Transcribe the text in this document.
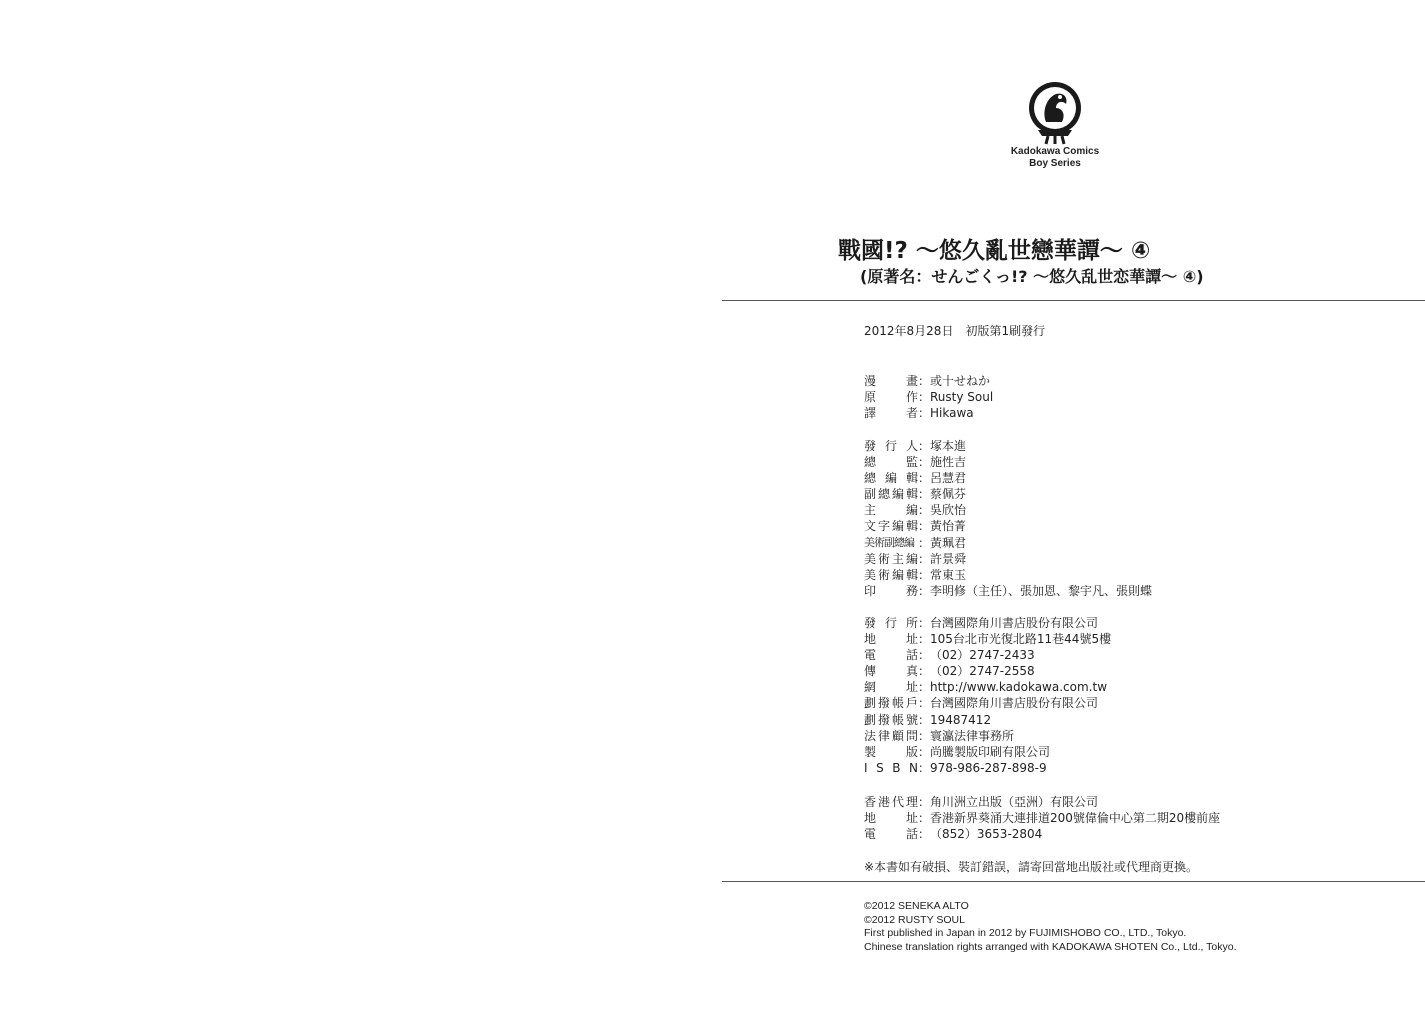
Kadokawa Comics
Boy Series
戰國!? ～悠久亂世戀華譚～ ④
(原著名：せんごくっ!? ～悠久乱世恋華譚～ ④)
2012年8月28日　初版第1刷發行
漫 畫 ： 或十せねか
原 作 ： Rusty Soul
譯 者 ： Hikawa
發 行 人 ： 塚本進
總 監 ： 施性吉
總 編 輯 ： 呂慧君
副 總 編 輯 ： 蔡佩芬
主 編 ： 吳欣怡
文 字 編 輯 ： 黃怡菁
美術副總編 ： 黃珮君
美 術 主 編 ： 許景舜
美 術 編 輯 ： 常東玉
印 務 ： 李明修（主任）、張加恩、黎宇凡、張則蝶
發 行 所 ： 台灣國際角川書店股份有限公司
地 址 ： 105台北市光復北路11巷44號5樓
電 話 ： （02）2747-2433
傳 真 ： （02）2747-2558
網 址 ： http://www.kadokawa.com.tw
劃 撥 帳 戶 ： 台灣國際角川書店股份有限公司
劃 撥 帳 號 ： 19487412
法 律 顧 問 ： 寰瀛法律事務所
製 版 ： 尚騰製版印刷有限公司
I S B N ： 978-986-287-898-9
香 港 代 理 ： 角川洲立出版（亞洲）有限公司
地 址 ： 香港新界葵涌大連排道200號偉倫中心第二期20樓前座
電 話 ： （852）3653-2804
※本書如有破損、裝訂錯誤，請寄回當地出版社或代理商更換。
©2012 SENEKA ALTO
©2012 RUSTY SOUL
First published in Japan in 2012 by FUJIMISHOBO CO., LTD., Tokyo.
Chinese translation rights arranged with KADOKAWA SHOTEN Co., Ltd., Tokyo.
